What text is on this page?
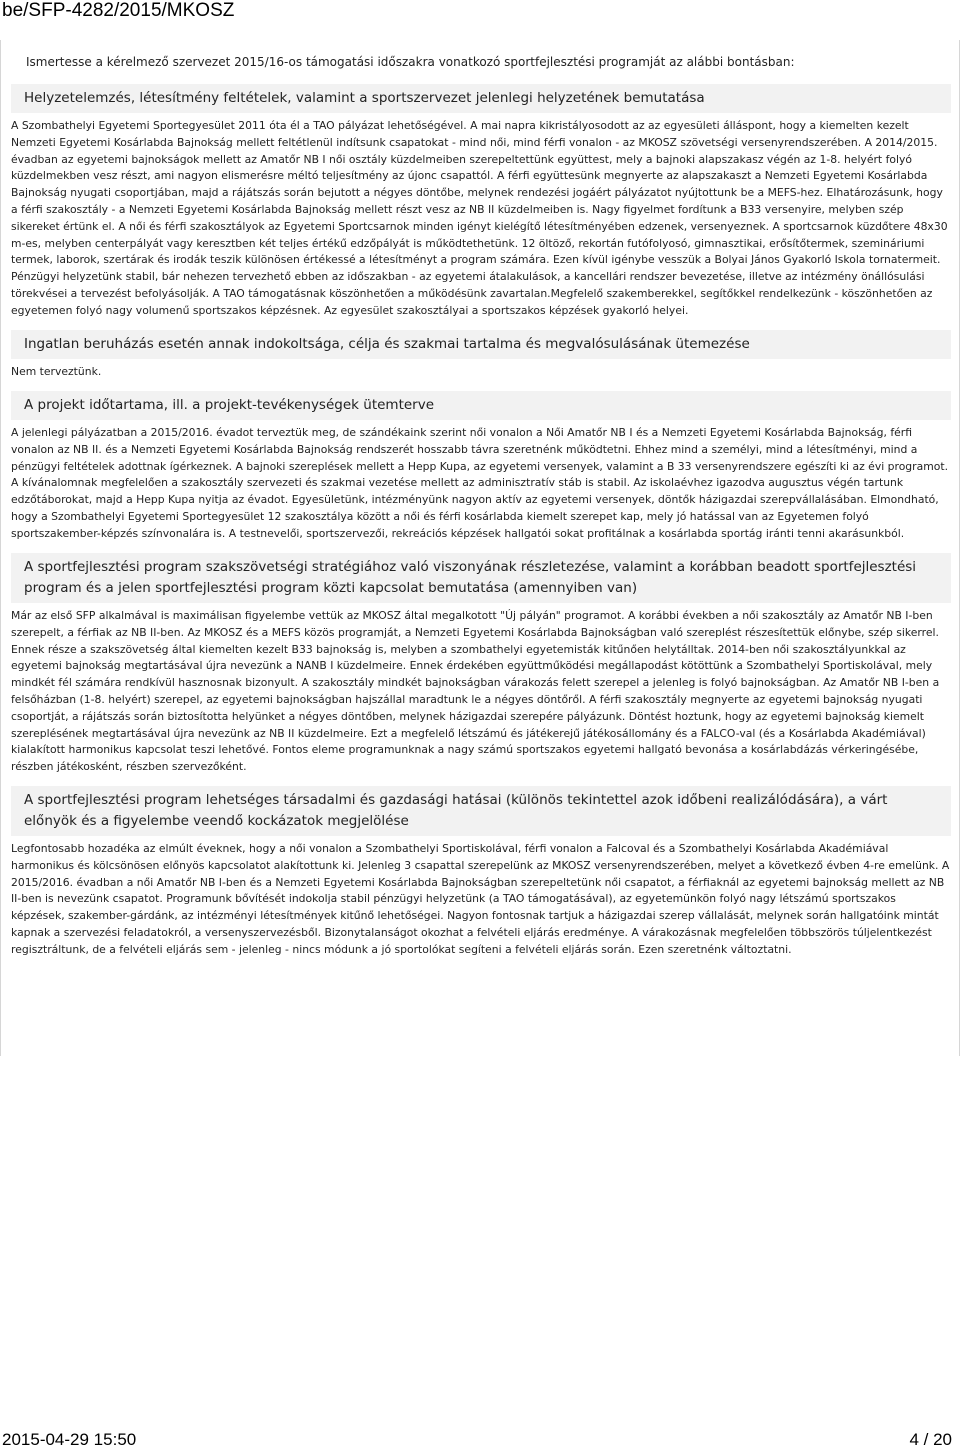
be/SFP-4282/2015/MKOSZ
Ismertesse a kérelmező szervezet 2015/16-os támogatási időszakra vonatkozó sportfejlesztési programját az alábbi bontásban:
Helyzetelemzés, létesítmény feltételek, valamint a sportszervezet jelenlegi helyzetének bemutatása
A Szombathelyi Egyetemi Sportegyesület 2011 óta él a TAO pályázat lehetőségével. A mai napra kikristályosodott az az egyesületi álláspont, hogy a kiemelten kezelt Nemzeti Egyetemi Kosárlabda Bajnokság mellett feltétlenül indítsunk csapatokat - mind női, mind férfi vonalon - az MKOSZ szövetségi versenyrendszerében. A 2014/2015. évadban az egyetemi bajnokságok mellett az Amatőr NB I női osztály küzdelmeiben szerepeltettünk együttest, mely a bajnoki alapszakasz végén az 1-8. helyért folyó küzdelmekben vesz részt, ami nagyon elismerésre méltó teljesítmény az újonc csapattól. A férfi együttesünk megnyerte az alapszakaszt a Nemzeti Egyetemi Kosárlabda Bajnokság nyugati csoportjában, majd a rájátszás során bejutott a négyes döntőbe, melynek rendezési jogáért pályázatot nyújtottunk be a MEFS-hez. Elhatározásunk, hogy a férfi szakosztály - a Nemzeti Egyetemi Kosárlabda Bajnokság mellett részt vesz az NB II küzdelmeiben is. Nagy figyelmet fordítunk a B33 versenyire, melyben szép sikereket értünk el. A női és férfi szakosztályok az Egyetemi Sportcsarnok minden igényt kielégítő létesítményében edzenek, versenyeznek. A sportcsarnok küzdőtere 48x30 m-es, melyben centerpályát vagy keresztben két teljes értékű edzőpályát is működtethetünk. 12 öltöző, rekortán futófolyosó, gimnasztikai, erősítőtermek, szemináriumi termek, laborok, szertárak és irodák teszik különösen értékessé a létesítményt a program számára. Ezen kívül igénybe vesszük a Bolyai János Gyakorló Iskola tornatermeit. Pénzügyi helyzetünk stabil, bár nehezen tervezhető ebben az időszakban - az egyetemi átalakulások, a kancellári rendszer bevezetése, illetve az intézmény önállósulási törekvései a tervezést befolyásolják. A TAO támogatásnak köszönhetően a működésünk zavartalan.Megfelelő szakemberekkel, segítőkkel rendelkezünk - köszönhetően az egyetemen folyó nagy volumenű sportszakos képzésnek. Az egyesület szakosztályai a sportszakos képzések gyakorló helyei.
Ingatlan beruházás esetén annak indokoltsága, célja és szakmai tartalma és megvalósulásának ütemezése
Nem terveztünk.
A projekt időtartama, ill. a projekt-tevékenységek ütemterve
A jelenlegi pályázatban a 2015/2016. évadot terveztük meg, de szándékaink szerint női vonalon a Női Amatőr NB I és a Nemzeti Egyetemi Kosárlabda Bajnokság, férfi vonalon az NB II. és a Nemzeti Egyetemi Kosárlabda Bajnokság rendszerét hosszabb távra szeretnénk működtetni. Ehhez mind a személyi, mind a létesítményi, mind a pénzügyi feltételek adottnak ígérkeznek. A bajnoki szereplések mellett a Hepp Kupa, az egyetemi versenyek, valamint a B 33 versenyrendszere egészíti ki az évi programot. A kívánalomnak megfelelően a szakosztály szervezeti és szakmai vezetése mellett az adminisztratív stáb is stabil. Az iskolaévhez igazodva augusztus végén tartunk edzőtáborokat, majd a Hepp Kupa nyitja az évadot. Egyesületünk, intézményünk nagyon aktív az egyetemi versenyek, döntők házigazdai szerepvállalásában. Elmondható, hogy a Szombathelyi Egyetemi Sportegyesület 12 szakosztálya között a női és férfi kosárlabda kiemelt szerepet kap, mely jó hatással van az Egyetemen folyó sportszakember-képzés színvonalára is. A testnevelői, sportszervezői, rekreációs képzések hallgatói sokat profitálnak a kosárlabda sportág iránti tenni akarásunkból.
A sportfejlesztési program szakszövetségi stratégiához való viszonyának részletezése, valamint a korábban beadott sportfejlesztési program és a jelen sportfejlesztési program közti kapcsolat bemutatása (amennyiben van)
Már az első SFP alkalmával is maximálisan figyelembe vettük az MKOSZ által megalkotott "Új pályán" programot. A korábbi években a női szakosztály az Amatőr NB I-ben szerepelt, a férfiak az NB II-ben. Az MKOSZ és a MEFS közös programját, a Nemzeti Egyetemi Kosárlabda Bajnokságban való szereplést részesítettük előnybe, szép sikerrel. Ennek része a szakszövetség által kiemelten kezelt B33 bajnokság is, melyben a szombathelyi egyetemisták kitűnően helytálltak. 2014-ben női szakosztályunkkal az egyetemi bajnokság megtartásával újra nevezünk a NANB I küzdelmeire. Ennek érdekében együttműködési megállapodást kötöttünk a Szombathelyi Sportiskolával, mely mindkét fél számára rendkívül hasznosnak bizonyult. A szakosztály mindkét bajnokságban várakozás felett szerepel a jelenleg is folyó bajnokságban. Az Amatőr NB I-ben a felsőházban (1-8. helyért) szerepel, az egyetemi bajnokságban hajszállal maradtunk le a négyes döntőről. A férfi szakosztály megnyerte az egyetemi bajnokság nyugati csoportját, a rájátszás során biztosította helyünket a négyes döntőben, melynek házigazdai szerepére pályázunk. Döntést hoztunk, hogy az egyetemi bajnokság kiemelt szereplésének megtartásával újra nevezünk az NB II küzdelmeire. Ezt a megfelelő létszámú és játékerejű játékosállomány és a FALCO-val (és a Kosárlabda Akadémiával) kialakított harmonikus kapcsolat teszi lehetővé. Fontos eleme programunknak a nagy számú sportszakos egyetemi hallgató bevonása a kosárlabdázás vérkeringésébe, részben játékosként, részben szervezőként.
A sportfejlesztési program lehetséges társadalmi és gazdasági hatásai (különös tekintettel azok időbeni realizálódására), a várt előnyök és a figyelembe veendő kockázatok megjelölése
Legfontosabb hozadéka az elmúlt éveknek, hogy a női vonalon a Szombathelyi Sportiskolával, férfi vonalon a Falcoval és a Szombathelyi Kosárlabda Akadémiával harmonikus és kölcsönösen előnyös kapcsolatot alakítottunk ki. Jelenleg 3 csapattal szerepelünk az MKOSZ versenyrendszerében, melyet a következő évben 4-re emelünk. A 2015/2016. évadban a női Amatőr NB I-ben és a Nemzeti Egyetemi Kosárlabda Bajnokságban szerepeltetünk női csapatot, a férfiaknál az egyetemi bajnokság mellett az NB II-ben is nevezünk csapatot. Programunk bővítését indokolja stabil pénzügyi helyzetünk (a TAO támogatásával), az egyetemünkön folyó nagy létszámú sportszakos képzések, szakember-gárdánk, az intézményi létesítmények kitűnő lehetőségei. Nagyon fontosnak tartjuk a házigazdai szerep vállalását, melynek során hallgatóink mintát kapnak a szervezési feladatokról, a versenyszervezésből. Bizonytalanságot okozhat a felvételi eljárás eredménye. A várakozásnak megfelelően többszörös túljelentkezést regisztráltunk, de a felvételi eljárás sem - jelenleg - nincs módunk a jó sportolókat segíteni a felvételi eljárás során. Ezen szeretnénk változtatni.
2015-04-29 15:50	4 / 20
